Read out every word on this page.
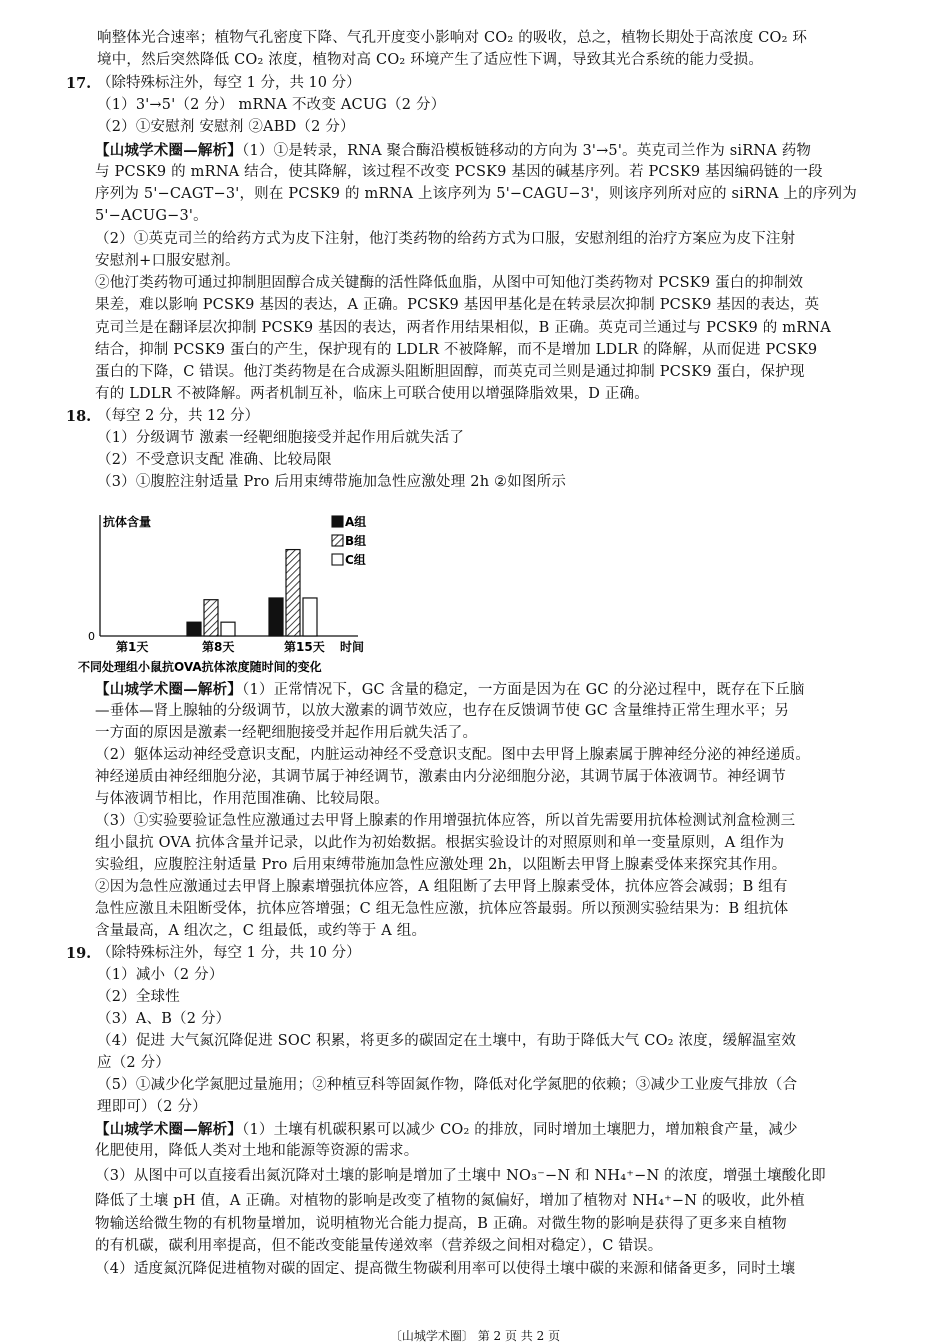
响整体光合速率；植物气孔密度下降、气孔开度变小影响对 CO₂ 的吸收，总之，植物长期处于高浓度 CO₂ 环
境中，然后突然降低 CO₂ 浓度，植物对高 CO₂ 环境产生了适应性下调，导致其光合系统的能力受损。
17. （除特殊标注外，每空 1 分，共 10 分）
（1）3'→5'（2 分） mRNA 不改变 ACUG（2 分）
（2）①安慰剂 安慰剂 ②ABD（2 分）
【山城学术圈—解析】（1）①是转录，RNA 聚合酶沿模板链移动的方向为 3'→5'。英克司兰作为 siRNA 药物
与 PCSK9 的 mRNA 结合，使其降解，该过程不改变 PCSK9 基因的碱基序列。若 PCSK9 基因编码链的一段
序列为 5'−CAGT−3'，则在 PCSK9 的 mRNA 上该序列为 5'−CAGU−3'，则该序列所对应的 siRNA 上的序列为
5'−ACUG−3'。
（2）①英克司兰的给药方式为皮下注射，他汀类药物的给药方式为口服，安慰剂组的治疗方案应为皮下注射
安慰剂+口服安慰剂。
②他汀类药物可通过抑制胆固醇合成关键酶的活性降低血脂，从图中可知他汀类药物对 PCSK9 蛋白的抑制效
果差，难以影响 PCSK9 基因的表达，A 正确。PCSK9 基因甲基化是在转录层次抑制 PCSK9 基因的表达，英
克司兰是在翻译层次抑制 PCSK9 基因的表达，两者作用结果相似，B 正确。英克司兰通过与 PCSK9 的 mRNA
结合，抑制 PCSK9 蛋白的产生，保护现有的 LDLR 不被降解，而不是增加 LDLR 的降解，从而促进 PCSK9
蛋白的下降，C 错误。他汀类药物是在合成源头阻断胆固醇，而英克司兰则是通过抑制 PCSK9 蛋白，保护现
有的 LDLR 不被降解。两者机制互补，临床上可联合使用以增强降脂效果，D 正确。
18. （每空 2 分，共 12 分）
（1）分级调节 激素一经靶细胞接受并起作用后就失活了
（2）不受意识支配 准确、比较局限
（3）①腹腔注射适量 Pro 后用束缚带施加急性应激处理 2h ②如图所示
抗体含量
0
时间
第1天	第8天	第15天
A组
B组
C组
不同处理组小鼠抗OVA抗体浓度随时间的变化
【山城学术圈—解析】（1）正常情况下，GC 含量的稳定，一方面是因为在 GC 的分泌过程中，既存在下丘脑
—垂体—肾上腺轴的分级调节，以放大激素的调节效应，也存在反馈调节使 GC 含量维持正常生理水平；另
一方面的原因是激素一经靶细胞接受并起作用后就失活了。
（2）躯体运动神经受意识支配，内脏运动神经不受意识支配。图中去甲肾上腺素属于脾神经分泌的神经递质。
神经递质由神经细胞分泌，其调节属于神经调节，激素由内分泌细胞分泌，其调节属于体液调节。神经调节
与体液调节相比，作用范围准确、比较局限。
（3）①实验要验证急性应激通过去甲肾上腺素的作用增强抗体应答，所以首先需要用抗体检测试剂盒检测三
组小鼠抗 OVA 抗体含量并记录，以此作为初始数据。根据实验设计的对照原则和单一变量原则，A 组作为
实验组，应腹腔注射适量 Pro 后用束缚带施加急性应激处理 2h，以阻断去甲肾上腺素受体来探究其作用。
②因为急性应激通过去甲肾上腺素增强抗体应答，A 组阻断了去甲肾上腺素受体，抗体应答会减弱；B 组有
急性应激且未阻断受体，抗体应答增强；C 组无急性应激，抗体应答最弱。所以预测实验结果为：B 组抗体
含量最高，A 组次之，C 组最低，或约等于 A 组。
19. （除特殊标注外，每空 1 分，共 10 分）
（1）减小（2 分）
（2）全球性
（3）A、B（2 分）
（4）促进 大气氮沉降促进 SOC 积累，将更多的碳固定在土壤中，有助于降低大气 CO₂ 浓度，缓解温室效
应（2 分）
（5）①减少化学氮肥过量施用；②种植豆科等固氮作物，降低对化学氮肥的依赖；③减少工业废气排放（合
理即可）（2 分）
【山城学术圈—解析】（1）土壤有机碳积累可以减少 CO₂ 的排放，同时增加土壤肥力，增加粮食产量，减少
化肥使用，降低人类对土地和能源等资源的需求。
（3）从图中可以直接看出氮沉降对土壤的影响是增加了土壤中 NO₃⁻−N 和 NH₄⁺−N 的浓度，增强土壤酸化即
降低了土壤 pH 值，A 正确。对植物的影响是改变了植物的氮偏好，增加了植物对 NH₄⁺−N 的吸收，此外植
物输送给微生物的有机物量增加，说明植物光合能力提高，B 正确。对微生物的影响是获得了更多来自植物
的有机碳，碳利用率提高，但不能改变能量传递效率（营养级之间相对稳定），C 错误。
（4）适度氮沉降促进植物对碳的固定、提高微生物碳利用率可以使得土壤中碳的来源和储备更多，同时土壤
〔山城学术圈〕 第 2 页 共 2 页
